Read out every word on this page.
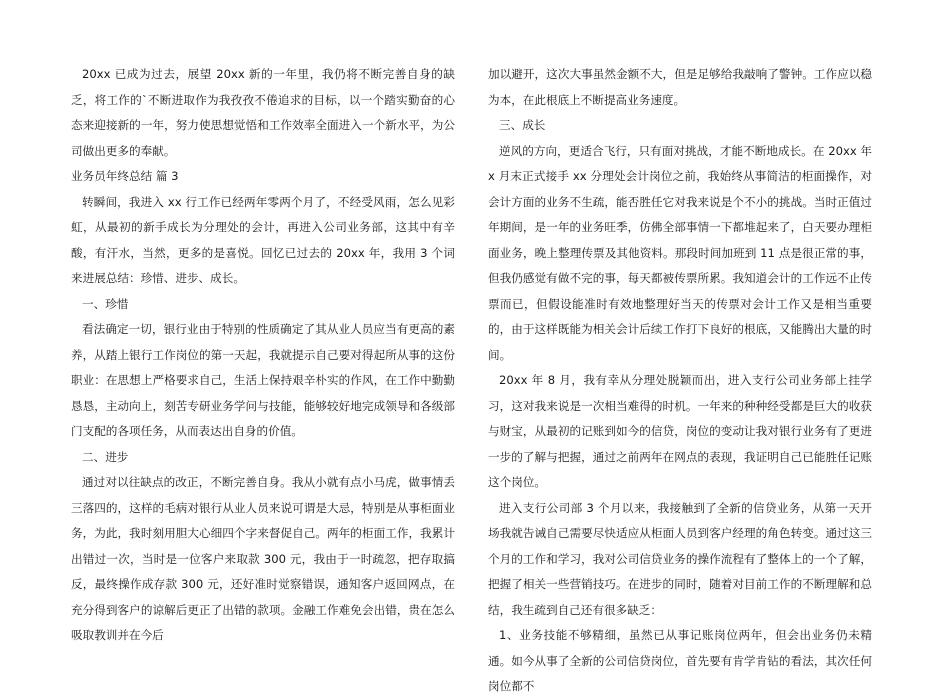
20xx 已成为过去，展望 20xx 新的一年里，我仍将不断完善自身的缺乏，将工作的`不断进取作为我孜孜不倦追求的目标，以一个踏实勤奋的心态来迎接新的一年，努力使思想觉悟和工作效率全面进入一个新水平，为公司做出更多的奉献。

业务员年终总结 篇 3

转瞬间，我进入 xx 行工作已经两年零两个月了，不经受风雨，怎么见彩虹，从最初的新手成长为分理处的会计，再进入公司业务部，这其中有辛酸，有汗水，当然，更多的是喜悦。回忆已过去的 20xx 年，我用 3 个词来进展总结：珍惜、进步、成长。

一、珍惜

看法确定一切，银行业由于特别的性质确定了其从业人员应当有更高的素养，从踏上银行工作岗位的第一天起，我就提示自己要对得起所从事的这份职业：在思想上严格要求自己，生活上保持艰辛朴实的作风，在工作中勤勤恳恳，主动向上，刻苦专研业务学问与技能，能够较好地完成领导和各级部门支配的各项任务，从而表达出自身的价值。

二、进步

通过对以往缺点的改正，不断完善自身。我从小就有点小马虎，做事情丢三落四的，这样的毛病对银行从业人员来说可谓是大忌，特别是从事柜面业务，为此，我时刻用胆大心细四个字来督促自己。两年的柜面工作，我累计出错过一次，当时是一位客户来取款 300 元，我由于一时疏忽，把存取搞反，最终操作成存款 300 元，还好准时觉察错误，通知客户返回网点，在充分得到客户的谅解后更正了出错的款项。金融工作难免会出错，贵在怎么吸取教训并在今后

加以避开，这次大事虽然金额不大，但是足够给我敲响了警钟。工作应以稳为本，在此根底上不断提高业务速度。

三、成长

逆风的方向，更适合飞行，只有面对挑战，才能不断地成长。在 20xx 年 x 月末正式接手 xx 分理处会计岗位之前，我始终从事简洁的柜面操作，对会计方面的业务不生疏，能否胜任它对我来说是个不小的挑战。当时正值过年期间，是一年的业务旺季，仿佛全部事情一下都堆起来了，白天要办理柜面业务，晚上整理传票及其他资料。那段时间加班到 11 点是很正常的事，但我仍感觉有做不完的事，每天都被传票所累。我知道会计的工作远不止传票而已，但假设能准时有效地整理好当天的传票对会计工作又是相当重要的，由于这样既能为相关会计后续工作打下良好的根底，又能腾出大量的时间。

20xx 年 8 月，我有幸从分理处脱颖而出，进入支行公司业务部上挂学习，这对我来说是一次相当难得的时机。一年来的种种经受都是巨大的收获与财宝，从最初的记账到如今的信贷，岗位的变动让我对银行业务有了更进一步的了解与把握，通过之前两年在网点的表现，我证明自己已能胜任记账这个岗位。

进入支行公司部 3 个月以来，我接触到了全新的信贷业务，从第一天开场我就告诫自己需要尽快适应从柜面人员到客户经理的角色转变。通过这三个月的工作和学习，我对公司信贷业务的操作流程有了整体上的一个了解，把握了相关一些营销技巧。在进步的同时，随着对目前工作的不断理解和总结，我生疏到自己还有很多缺乏：

1、业务技能不够精细，虽然已从事记账岗位两年，但会出业务仍未精通。如今从事了全新的公司信贷岗位，首先要有肯学肯钻的看法，其次任何岗位都不
